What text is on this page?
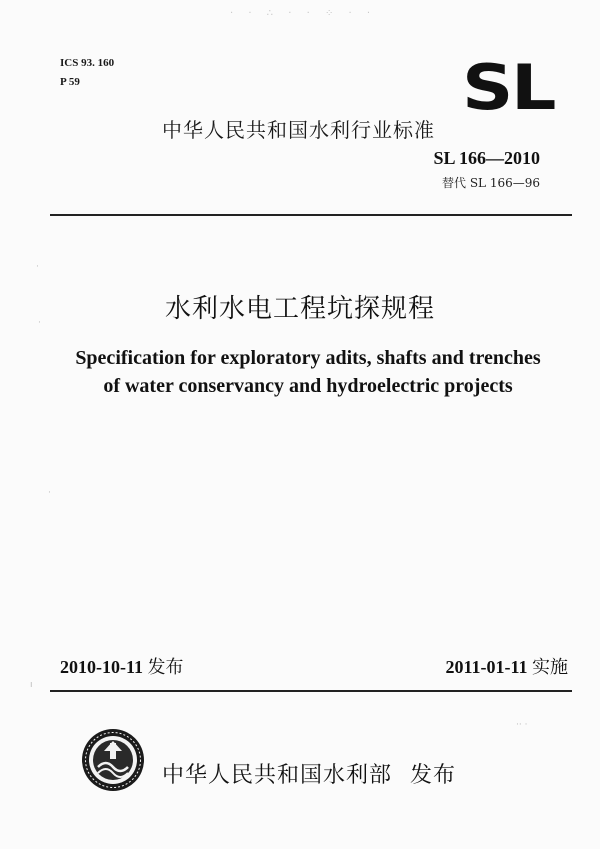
· · ∴ · · ⁘ · ·
ICS 93. 160
P 59	SL
中华人民共和国水利行业标准
SL 166—2010
替代 SL 166—96
水利水电工程坑探规程
Specification for exploratory adits, shafts and trenches
of water conservancy and hydroelectric projects
2010-10-11 发布	2011-01-11 实施
中华人民共和国水利部 发布
·
·
ı
·· ·
·
